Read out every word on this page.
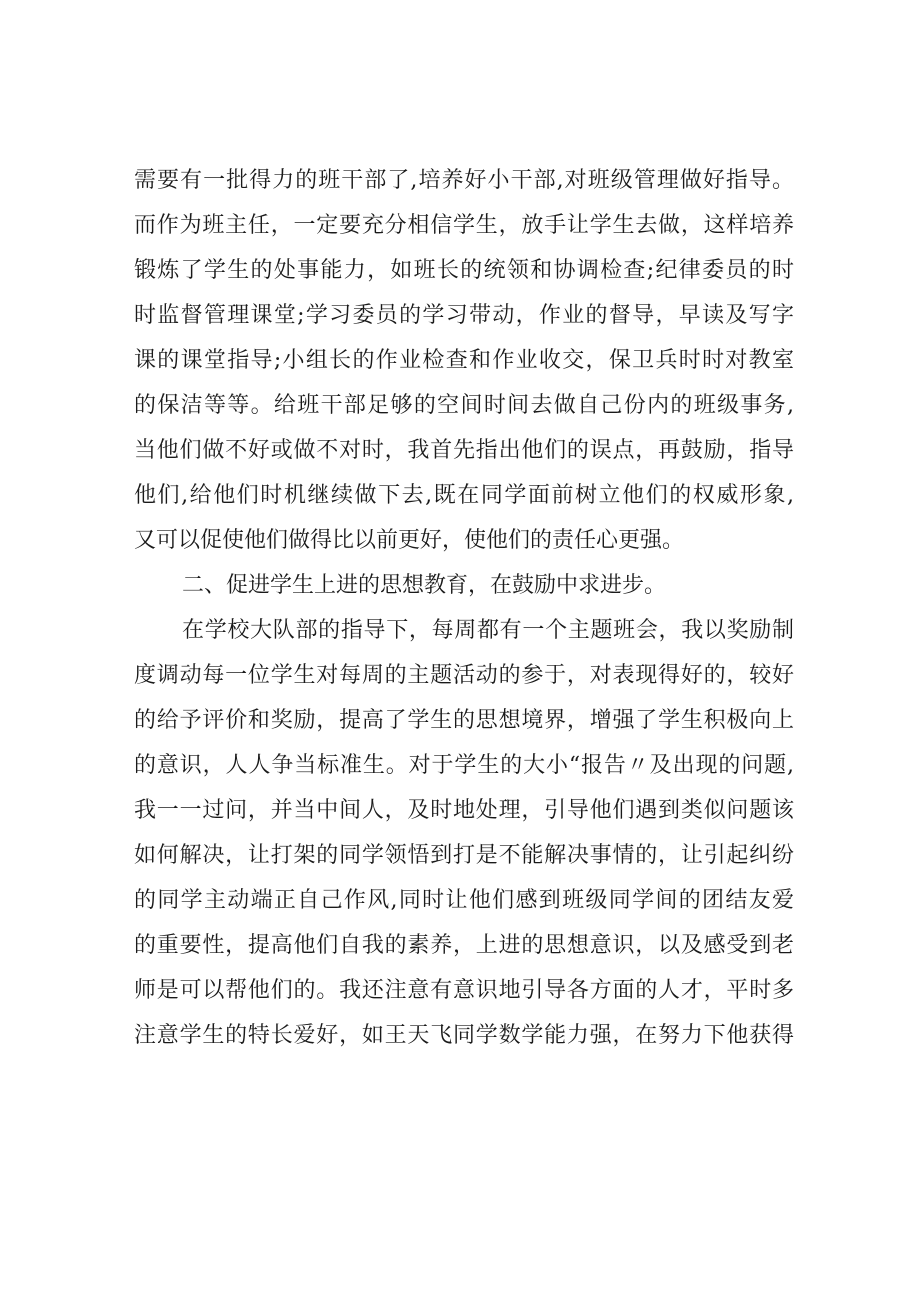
需要有一批得力的班干部了,培养好小干部,对班级管理做好指导。
而作为班主任，一定要充分相信学生，放手让学生去做，这样培养
锻炼了学生的处事能力，如班长的统领和协调检查;纪律委员的时
时监督管理课堂;学习委员的学习带动，作业的督导，早读及写字
课的课堂指导;小组长的作业检查和作业收交，保卫兵时时对教室
的保洁等等。给班干部足够的空间时间去做自己份内的班级事务,
当他们做不好或做不对时，我首先指出他们的误点，再鼓励，指导
他们,给他们时机继续做下去,既在同学面前树立他们的权威形象,
又可以促使他们做得比以前更好，使他们的责任心更强。
二、促进学生上进的思想教育，在鼓励中求进步。
在学校大队部的指导下，每周都有一个主题班会，我以奖励制
度调动每一位学生对每周的主题活动的参于，对表现得好的，较好
的给予评价和奖励，提高了学生的思想境界，增强了学生积极向上
的意识，人人争当标准生。对于学生的大小“报告〃及出现的问题,
我一一过问，并当中间人，及时地处理，引导他们遇到类似问题该
如何解决，让打架的同学领悟到打是不能解决事情的，让引起纠纷
的同学主动端正自己作风,同时让他们感到班级同学间的团结友爱
的重要性，提高他们自我的素养，上进的思想意识，以及感受到老
师是可以帮他们的。我还注意有意识地引导各方面的人才，平时多
注意学生的特长爱好，如王天飞同学数学能力强，在努力下他获得
